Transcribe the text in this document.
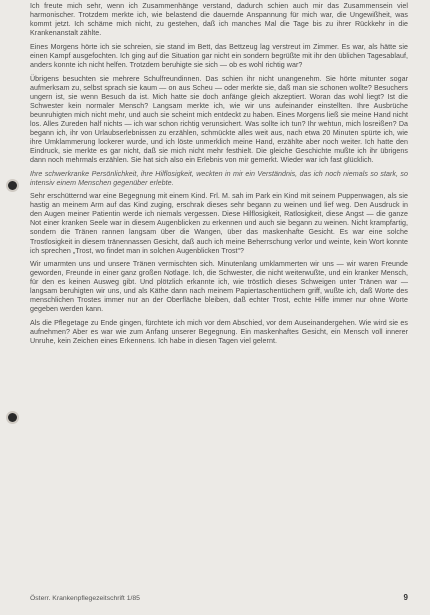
Ich freute mich sehr, wenn ich Zusammenhänge verstand, dadurch schien auch mir das Zusammensein viel harmonischer. Trotzdem merkte ich, wie belastend die dauernde Anspannung für mich war, die Ungewißheit, was kommt jetzt. Ich schäme mich nicht, zu gestehen, daß ich manches Mal die Tage bis zu ihrer Rückkehr in die Krankenanstalt zählte.

Eines Morgens hörte ich sie schreien, sie stand im Bett, das Bettzeug lag verstreut im Zimmer. Es war, als hätte sie einen Kampf ausgefochten. Ich ging auf die Situation gar nicht ein sondern begrüßte mit ihr den üblichen Tagesablauf, anders konnte ich nicht helfen. Trotzdem beruhigte sie sich — ob es wohl richtig war?

Übrigens besuchten sie mehrere Schulfreundinnen. Das schien ihr nicht unangenehm. Sie hörte mitunter sogar aufmerksam zu, selbst sprach sie kaum — on aus Scheu — oder merkte sie, daß man sie schonen wollte? Besuchers ungern ist, sie wenn Besuch da ist. Mich hatte sie doch anfänge gleich akzeptiert. Woran das wohl liegt? Ist die Schwester kein normaler Mensch? Langsam merkte ich, wie wir uns aufeinander einstellten. Ihre Ausbrüche beunruhigten mich nicht mehr, und auch sie scheint mich entdeckt zu haben. Eines Morgens ließ sie meine Hand nicht los. Alles Zureden half nichts — ich war schon richtig verunsichert. Was sollte ich tun? Ihr wehtun, mich losreißen? Da begann ich, ihr von Urlaubserlebnissen zu erzählen, schmückte alles weit aus, nach etwa 20 Minuten spürte ich, wie ihre Umklammerung lockerer wurde, und ich löste unmerklich meine Hand, erzählte aber noch weiter. Ich hatte den Eindruck, sie merkte es gar nicht, daß sie mich nicht mehr festhielt. Die gleiche Geschichte mußte ich ihr übrigens dann noch mehrmals erzählen. Sie hat sich also ein Erlebnis von mir gemerkt. Wieder war ich fast glücklich.

Ihre schwerkranke Persönlichkeit, ihre Hilflosigkeit, weckten in mir ein Verständnis, das ich noch niemals so stark, so intensiv einem Menschen gegenüber erlebte.

Sehr erschütternd war eine Begegnung mit einem Kind. Frl. M. sah im Park ein Kind mit seinem Puppenwagen, als sie hastig an meinem Arm auf das Kind zuging, erschrak dieses sehr begann zu weinen und lief weg. Den Ausdruck in den Augen meiner Patientin werde ich niemals vergessen. Diese Hilflosigkeit, Ratlosigkeit, diese Angst — die ganze Not einer kranken Seele war in diesem Augenblicken zu erkennen und auch sie begann zu weinen. Nicht krampfartig, sondern die Tränen rannen langsam über die Wangen, über das maskenhafte Gesicht. Es war eine solche Trostlosigkeit in diesem tränennassen Gesicht, daß auch ich meine Beherrschung verlor und weinte, kein Wort konnte ich sprechen „Trost, wo findet man in solchen Augenblicken Trost“?

Wir umarmten uns und unsere Tränen vermischten sich. Minutenlang umklammerten wir uns — wir waren Freunde geworden, Freunde in einer ganz großen Notlage. Ich, die Schwester, die nicht weiterwußte, und ein kranker Mensch, für den es keinen Ausweg gibt. Und plötzlich erkannte ich, wie tröstlich dieses Schweigen unter Tränen war — langsam beruhigten wir uns, und als Käthe dann nach meinem Papiertaschentüchern griff, wußte ich, daß Worte des menschlichen Trostes immer nur an der Oberfläche bleiben, daß echter Trost, echte Hilfe immer nur ohne Worte gegeben werden kann.

Als die Pflegetage zu Ende gingen, fürchtete ich mich vor dem Abschied, vor dem Auseinandergehen. Wie wird sie es aufnehmen? Aber es war wie zum Anfang unserer Begegnung. Ein maskenhaftes Gesicht, ein Mensch voll innerer Unruhe, kein Zeichen eines Erkennens. Ich habe in diesen Tagen viel gelernt.

Österr. Krankenpflegezeitschrift 1/85	9
